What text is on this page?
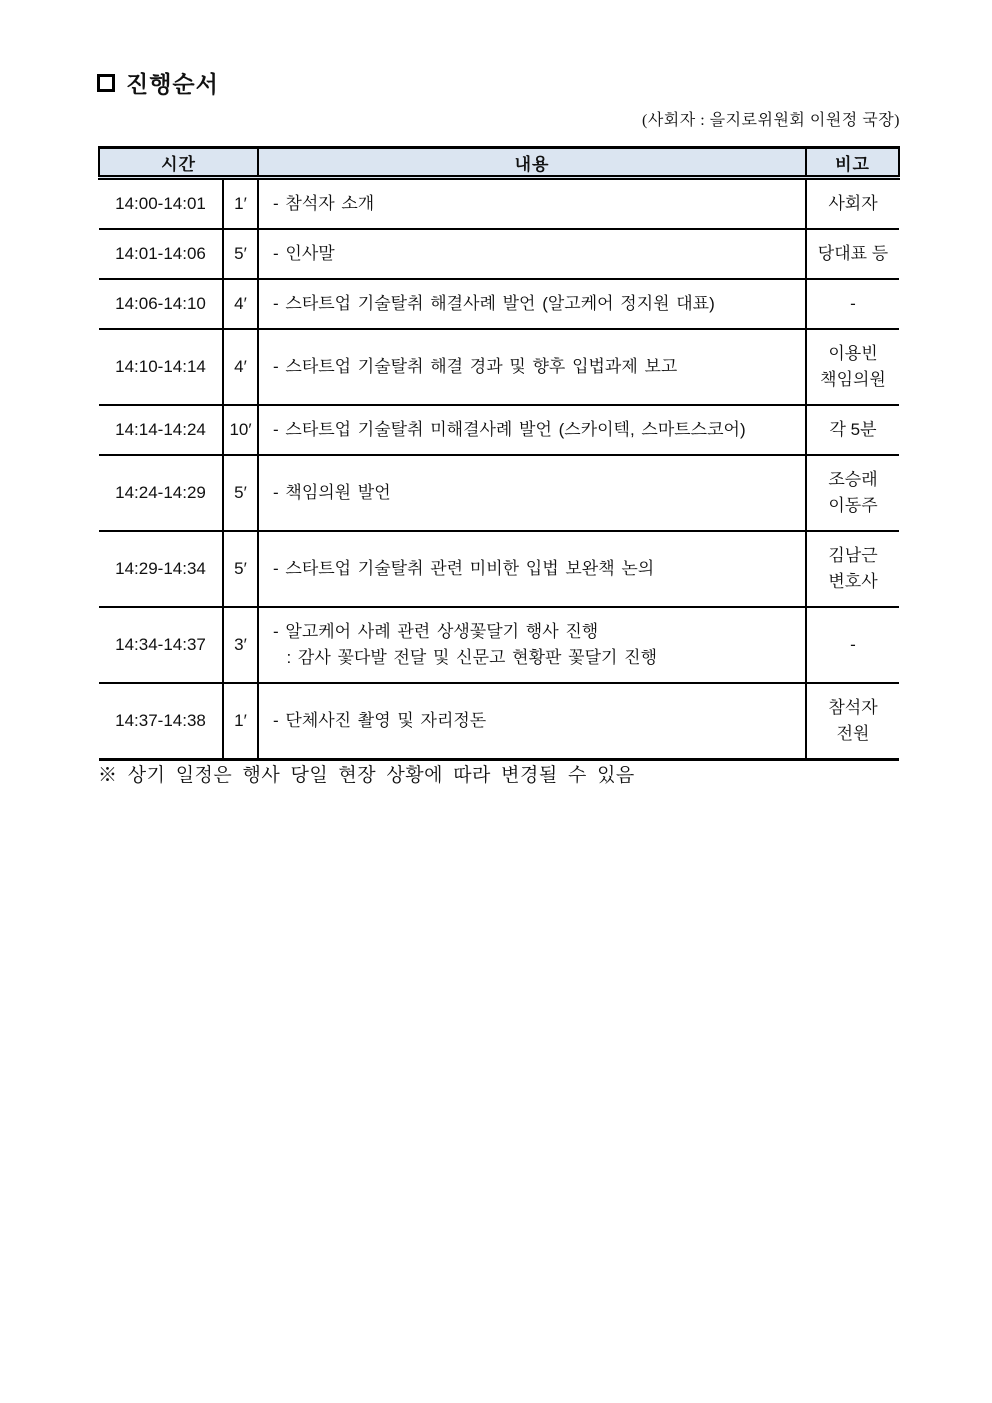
진행순서
(사회자 : 을지로위원회 이원정 국장)
시간		내용	비고
14:00-14:01	1′	- 참석자 소개	사회자
14:01-14:06	5′	- 인사말	당대표 등
14:06-14:10	4′	- 스타트업 기술탈취 해결사례 발언 (알고케어 정지원 대표)	-
14:10-14:14	4′	- 스타트업 기술탈취 해결 경과 및 향후 입법과제 보고	이용빈
책임의원
14:14-14:24	10′	- 스타트업 기술탈취 미해결사례 발언 (스카이텍, 스마트스코어)	각 5분
14:24-14:29	5′	- 책임의원 발언	조승래
이동주
14:29-14:34	5′	- 스타트업 기술탈취 관련 미비한 입법 보완책 논의	김남근
변호사
14:34-14:37	3′	- 알고케어 사례 관련 상생꽃달기 행사 진행
: 감사 꽃다발 전달 및 신문고 현황판 꽃달기 진행	-
14:37-14:38	1′	- 단체사진 촬영 및 자리정돈	참석자
전원
※ 상기 일정은 행사 당일 현장 상황에 따라 변경될 수 있음
